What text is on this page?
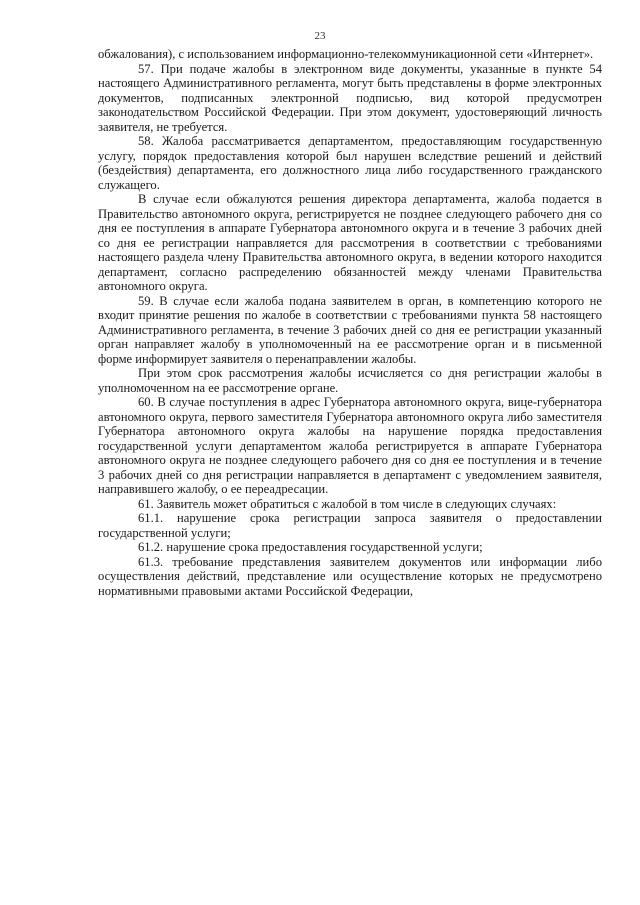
23

обжалования), с использованием информационно-телекоммуникационной сети «Интернет».

57. При подаче жалобы в электронном виде документы, указанные в пункте 54 настоящего Административного регламента, могут быть представлены в форме электронных документов, подписанных электронной подписью, вид которой предусмотрен законодательством Российской Федерации. При этом документ, удостоверяющий личность заявителя, не требуется.

58. Жалоба рассматривается департаментом, предоставляющим государственную услугу, порядок предоставления которой был нарушен вследствие решений и действий (бездействия) департамента, его должностного лица либо государственного гражданского служащего.

В случае если обжалуются решения директора департамента, жалоба подается в Правительство автономного округа, регистрируется не позднее следующего рабочего дня со дня ее поступления в аппарате Губернатора автономного округа и в течение 3 рабочих дней со дня ее регистрации направляется для рассмотрения в соответствии с требованиями настоящего раздела члену Правительства автономного округа, в ведении которого находится департамент, согласно распределению обязанностей между членами Правительства автономного округа.

59. В случае если жалоба подана заявителем в орган, в компетенцию которого не входит принятие решения по жалобе в соответствии с требованиями пункта 58 настоящего Административного регламента, в течение 3 рабочих дней со дня ее регистрации указанный орган направляет жалобу в уполномоченный на ее рассмотрение орган и в письменной форме информирует заявителя о перенаправлении жалобы.

При этом срок рассмотрения жалобы исчисляется со дня регистрации жалобы в уполномоченном на ее рассмотрение органе.

60. В случае поступления в адрес Губернатора автономного округа, вице-губернатора автономного округа, первого заместителя Губернатора автономного округа либо заместителя Губернатора автономного округа жалобы на нарушение порядка предоставления государственной услуги департаментом жалоба регистрируется в аппарате Губернатора автономного округа не позднее следующего рабочего дня со дня ее поступления и в течение 3 рабочих дней со дня регистрации направляется в департамент с уведомлением заявителя, направившего жалобу, о ее переадресации.

61. Заявитель может обратиться с жалобой в том числе в следующих случаях:

61.1. нарушение срока регистрации запроса заявителя о предоставлении государственной услуги;

61.2. нарушение срока предоставления государственной услуги;

61.3. требование представления заявителем документов или информации либо осуществления действий, представление или осуществление которых не предусмотрено нормативными правовыми актами Российской Федерации,
